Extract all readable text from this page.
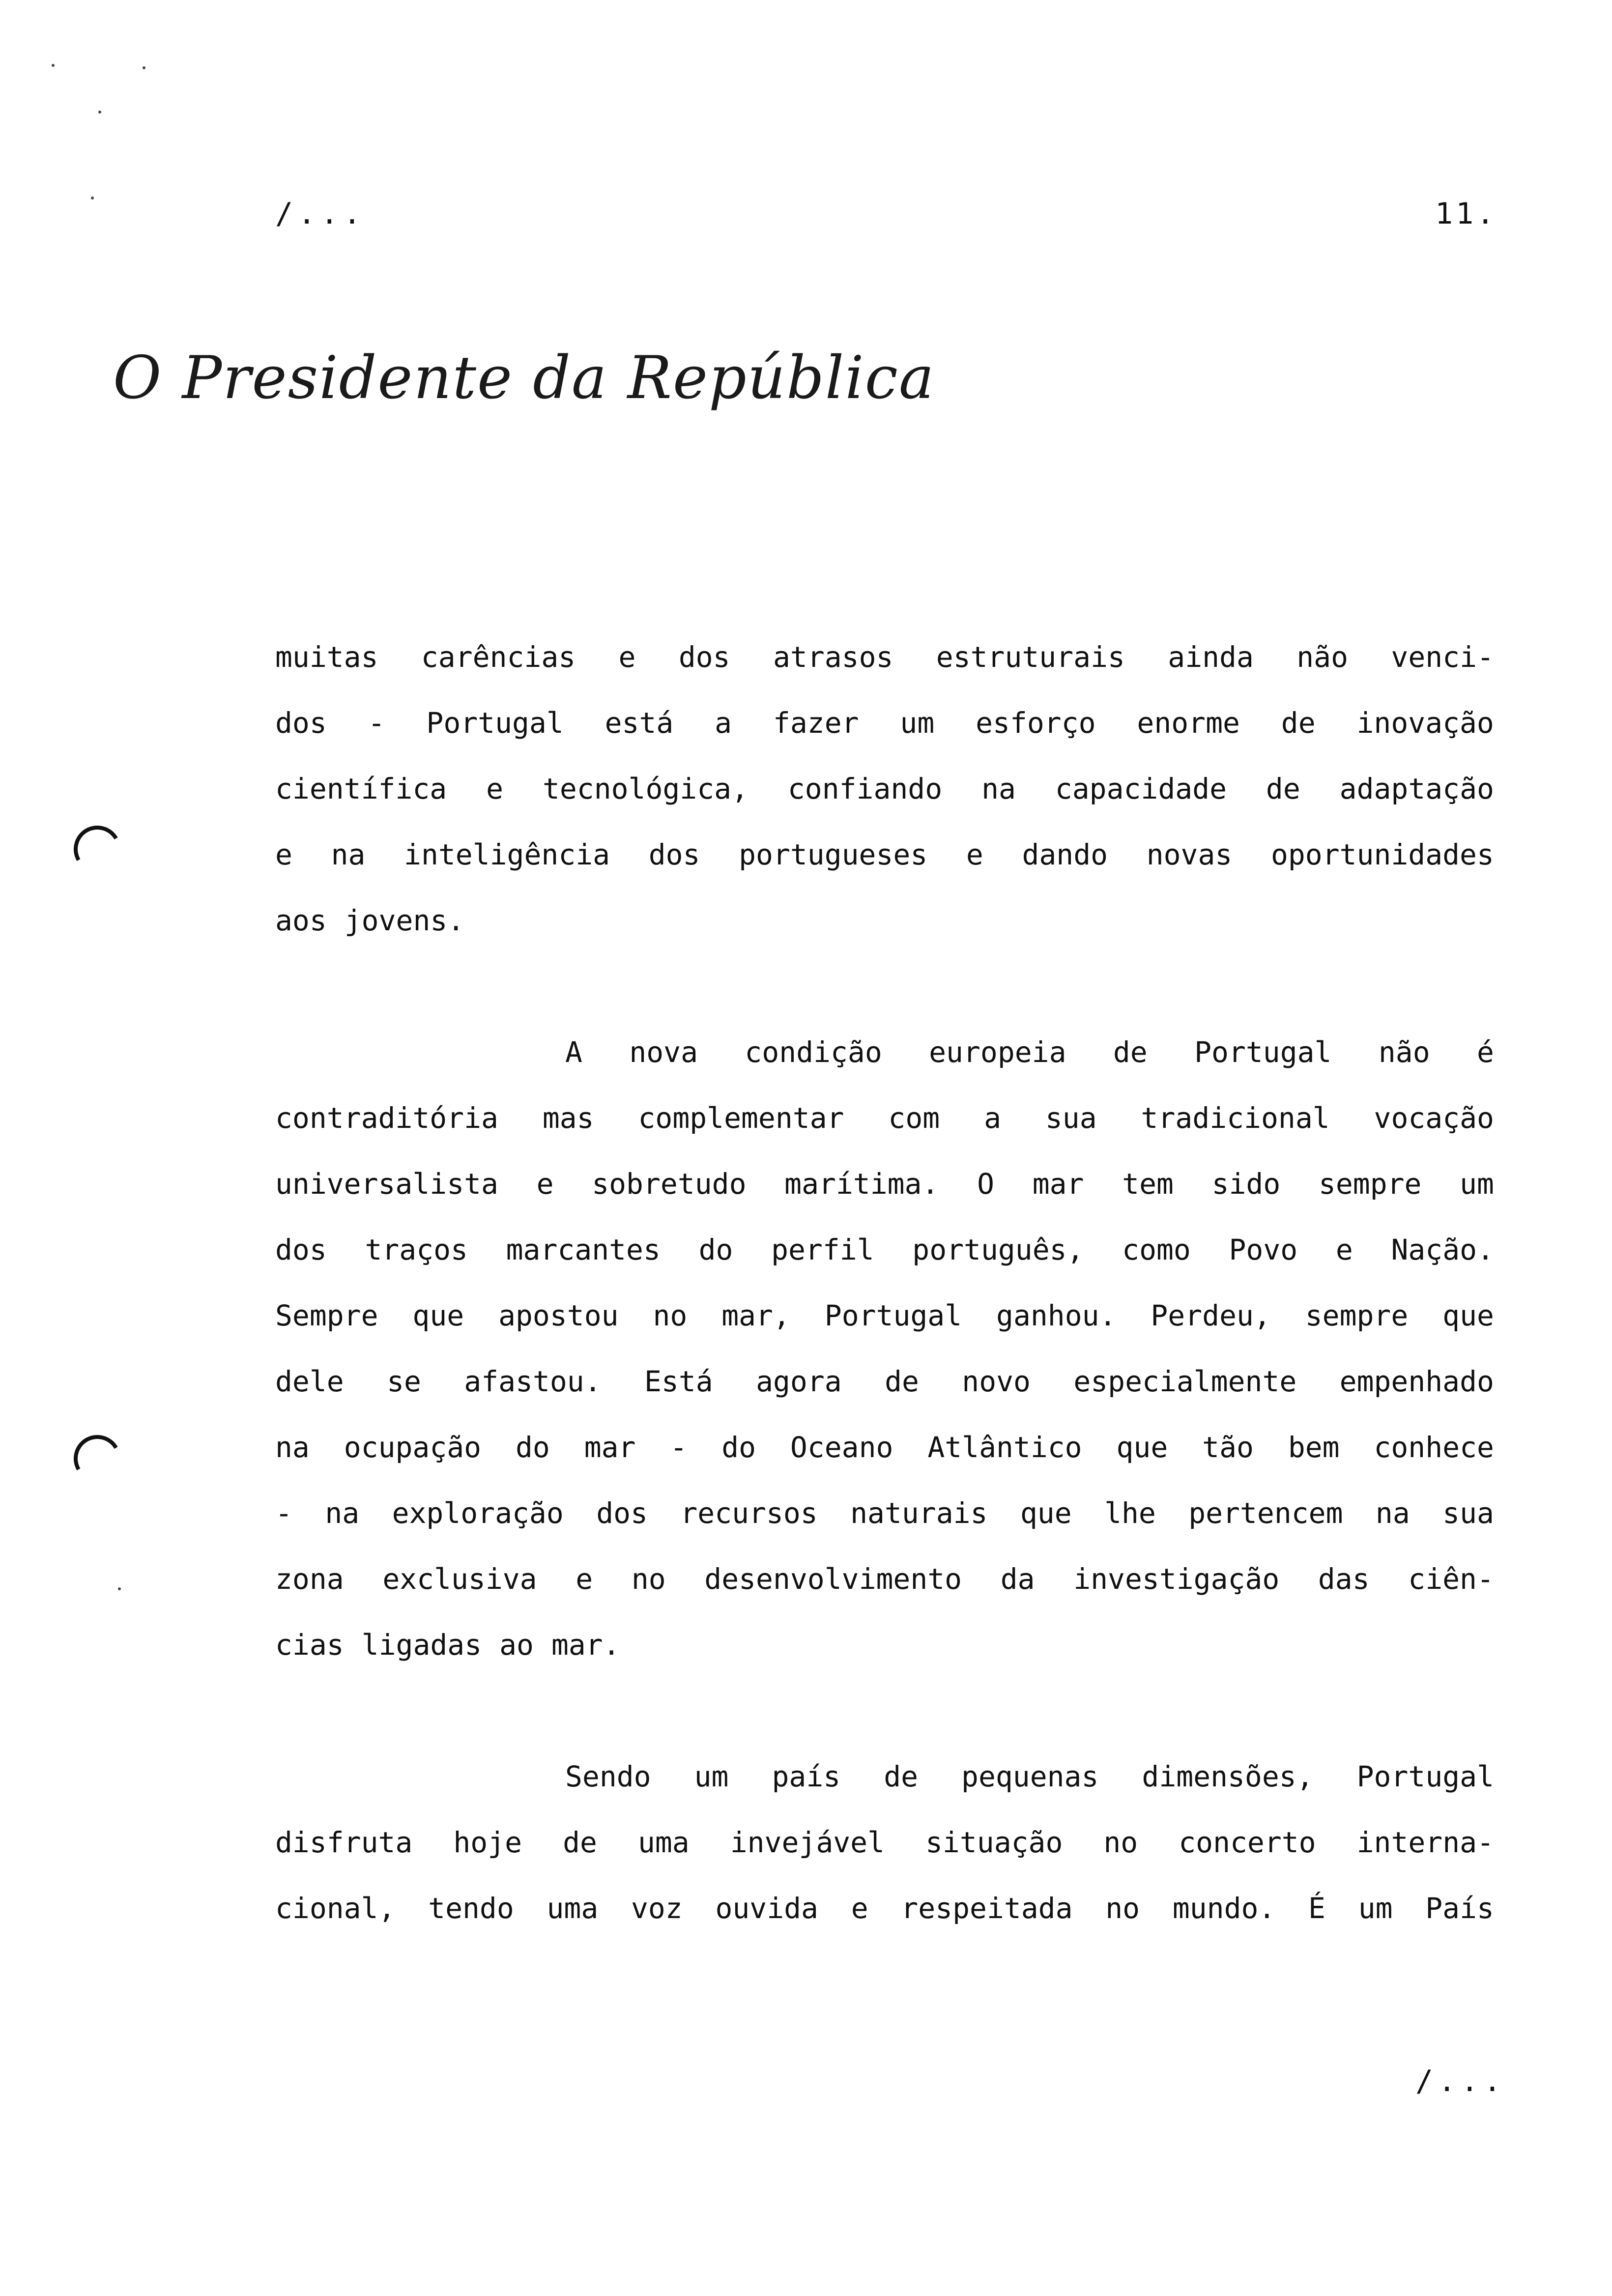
/...	11.
O Presidente da República
muitas carências e dos atrasos estruturais ainda não venci-
dos - Portugal está a fazer um esforço enorme de inovação
científica e tecnológica, confiando na capacidade de adaptação
e na inteligência dos portugueses e dando novas oportunidades
aos jovens.
A nova condição europeia de Portugal não é
contraditória mas complementar com a sua tradicional vocação
universalista e sobretudo marítima. O mar tem sido sempre um
dos traços marcantes do perfil português, como Povo e Nação.
Sempre que apostou no mar, Portugal ganhou. Perdeu, sempre que
dele se afastou. Está agora de novo especialmente empenhado
na ocupação do mar - do Oceano Atlântico que tão bem conhece
- na exploração dos recursos naturais que lhe pertencem na sua
zona exclusiva e no desenvolvimento da investigação das ciên-
cias ligadas ao mar.
Sendo um país de pequenas dimensões, Portugal
disfruta hoje de uma invejável situação no concerto interna-
cional, tendo uma voz ouvida e respeitada no mundo. É um País
/...
